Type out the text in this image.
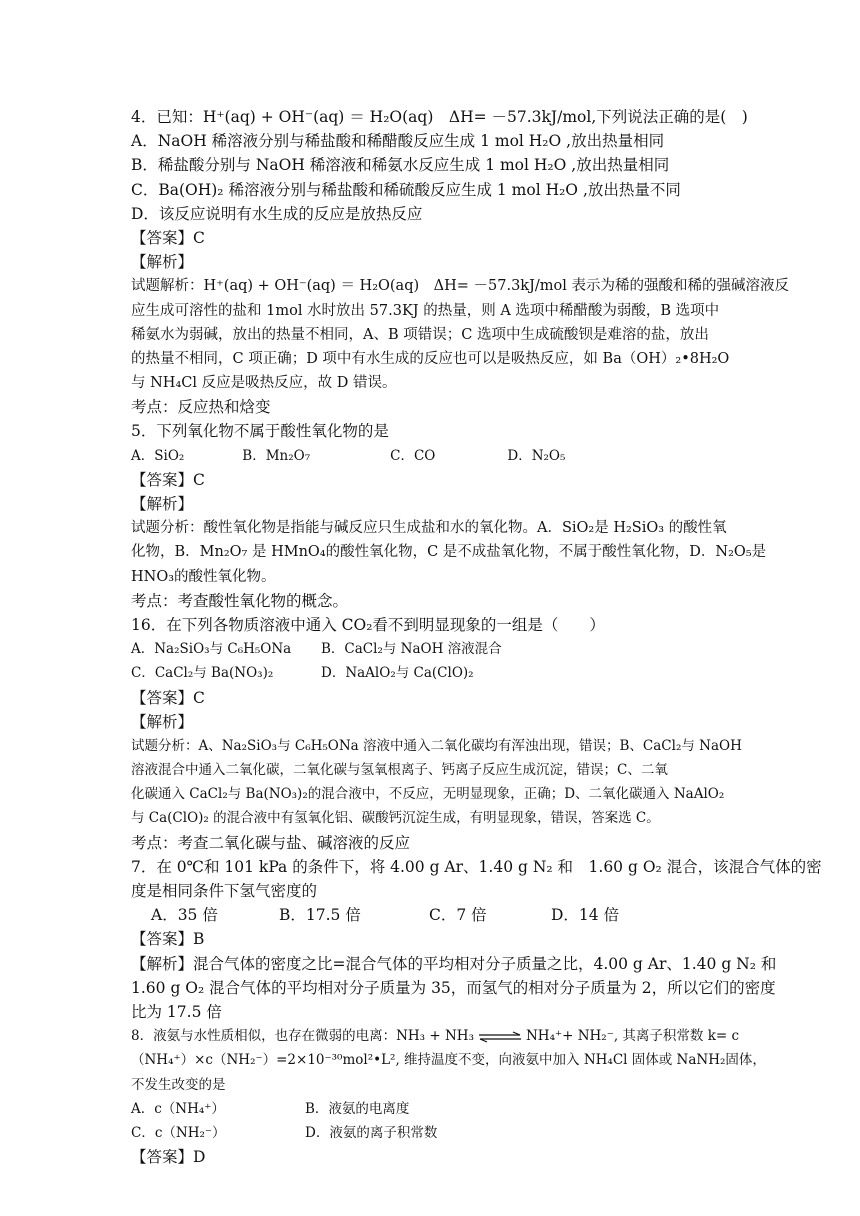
4．已知：H⁺(aq) + OH⁻(aq) ＝ H₂O(aq)　ΔH= －57.3kJ/mol,下列说法正确的是(　)
A．NaOH 稀溶液分别与稀盐酸和稀醋酸反应生成 1 mol H₂O ,放出热量相同
B．稀盐酸分别与 NaOH 稀溶液和稀氨水反应生成 1 mol H₂O ,放出热量相同
C．Ba(OH)₂ 稀溶液分别与稀盐酸和稀硫酸反应生成 1 mol H₂O ,放出热量不同
D．该反应说明有水生成的反应是放热反应
【答案】C
【解析】
试题解析：H⁺(aq) + OH⁻(aq) ＝ H₂O(aq)　ΔH= －57.3kJ/mol 表示为稀的强酸和稀的强碱溶液反
应生成可溶性的盐和 1mol 水时放出 57.3KJ 的热量，则 A 选项中稀醋酸为弱酸，B 选项中
稀氨水为弱碱，放出的热量不相同，A、B 项错误；C 选项中生成硫酸钡是难溶的盐，放出
的热量不相同，C 项正确；D 项中有水生成的反应也可以是吸热反应，如 Ba（OH）₂•8H₂O
与 NH₄Cl 反应是吸热反应，故 D 错误。
考点：反应热和焓变
5．下列氧化物不属于酸性氧化物的是
A．SiO₂	B．Mn₂O₇	C．CO	D．N₂O₅
【答案】C
【解析】
试题分析：酸性氧化物是指能与碱反应只生成盐和水的氧化物。A．SiO₂是 H₂SiO₃ 的酸性氧
化物，B．Mn₂O₇ 是 HMnO₄的酸性氧化物，C 是不成盐氧化物，不属于酸性氧化物，D．N₂O₅是
HNO₃的酸性氧化物。
考点：考查酸性氧化物的概念。
16．在下列各物质溶液中通入 CO₂看不到明显现象的一组是（　　）
A．Na₂SiO₃与 C₆H₅ONa B．CaCl₂与 NaOH 溶液混合
C．CaCl₂与 Ba(NO₃)₂	D．NaAlO₂与 Ca(ClO)₂
【答案】C
【解析】
试题分析：A、Na₂SiO₃与 C₆H₅ONa 溶液中通入二氧化碳均有浑浊出现，错误；B、CaCl₂与 NaOH
溶液混合中通入二氧化碳，二氧化碳与氢氧根离子、钙离子反应生成沉淀，错误；C、二氧
化碳通入 CaCl₂与 Ba(NO₃)₂的混合液中，不反应，无明显现象，正确；D、二氧化碳通入 NaAlO₂
与 Ca(ClO)₂ 的混合液中有氢氧化铝、碳酸钙沉淀生成，有明显现象，错误，答案选 C。
考点：考查二氧化碳与盐、碱溶液的反应
7．在 0℃和 101 kPa 的条件下，将 4.00 g Ar、1.40 g N₂ 和　1.60 g O₂ 混合，该混合气体的密
度是相同条件下氢气密度的
A．35 倍	B．17.5 倍	C．7 倍	D．14 倍
【答案】B
【解析】混合气体的密度之比=混合气体的平均相对分子质量之比，4.00 g Ar、1.40 g N₂ 和
1.60 g O₂ 混合气体的平均相对分子质量为 35，而氢气的相对分子质量为 2，所以它们的密度
比为 17.5 倍
8．液氨与水性质相似，也存在微弱的电离：NH₃ + NH₃ ⇌ NH₄⁺+ NH₂⁻, 其离子积常数 k= c
（NH₄⁺）×c（NH₂⁻）=2×10⁻³⁰mol²•L², 维持温度不变，向液氨中加入 NH₄Cl 固体或 NaNH₂固体，
不发生改变的是
A．c（NH₄⁺）	B．液氨的电离度
C．c（NH₂⁻）	D．液氨的离子积常数
【答案】D
